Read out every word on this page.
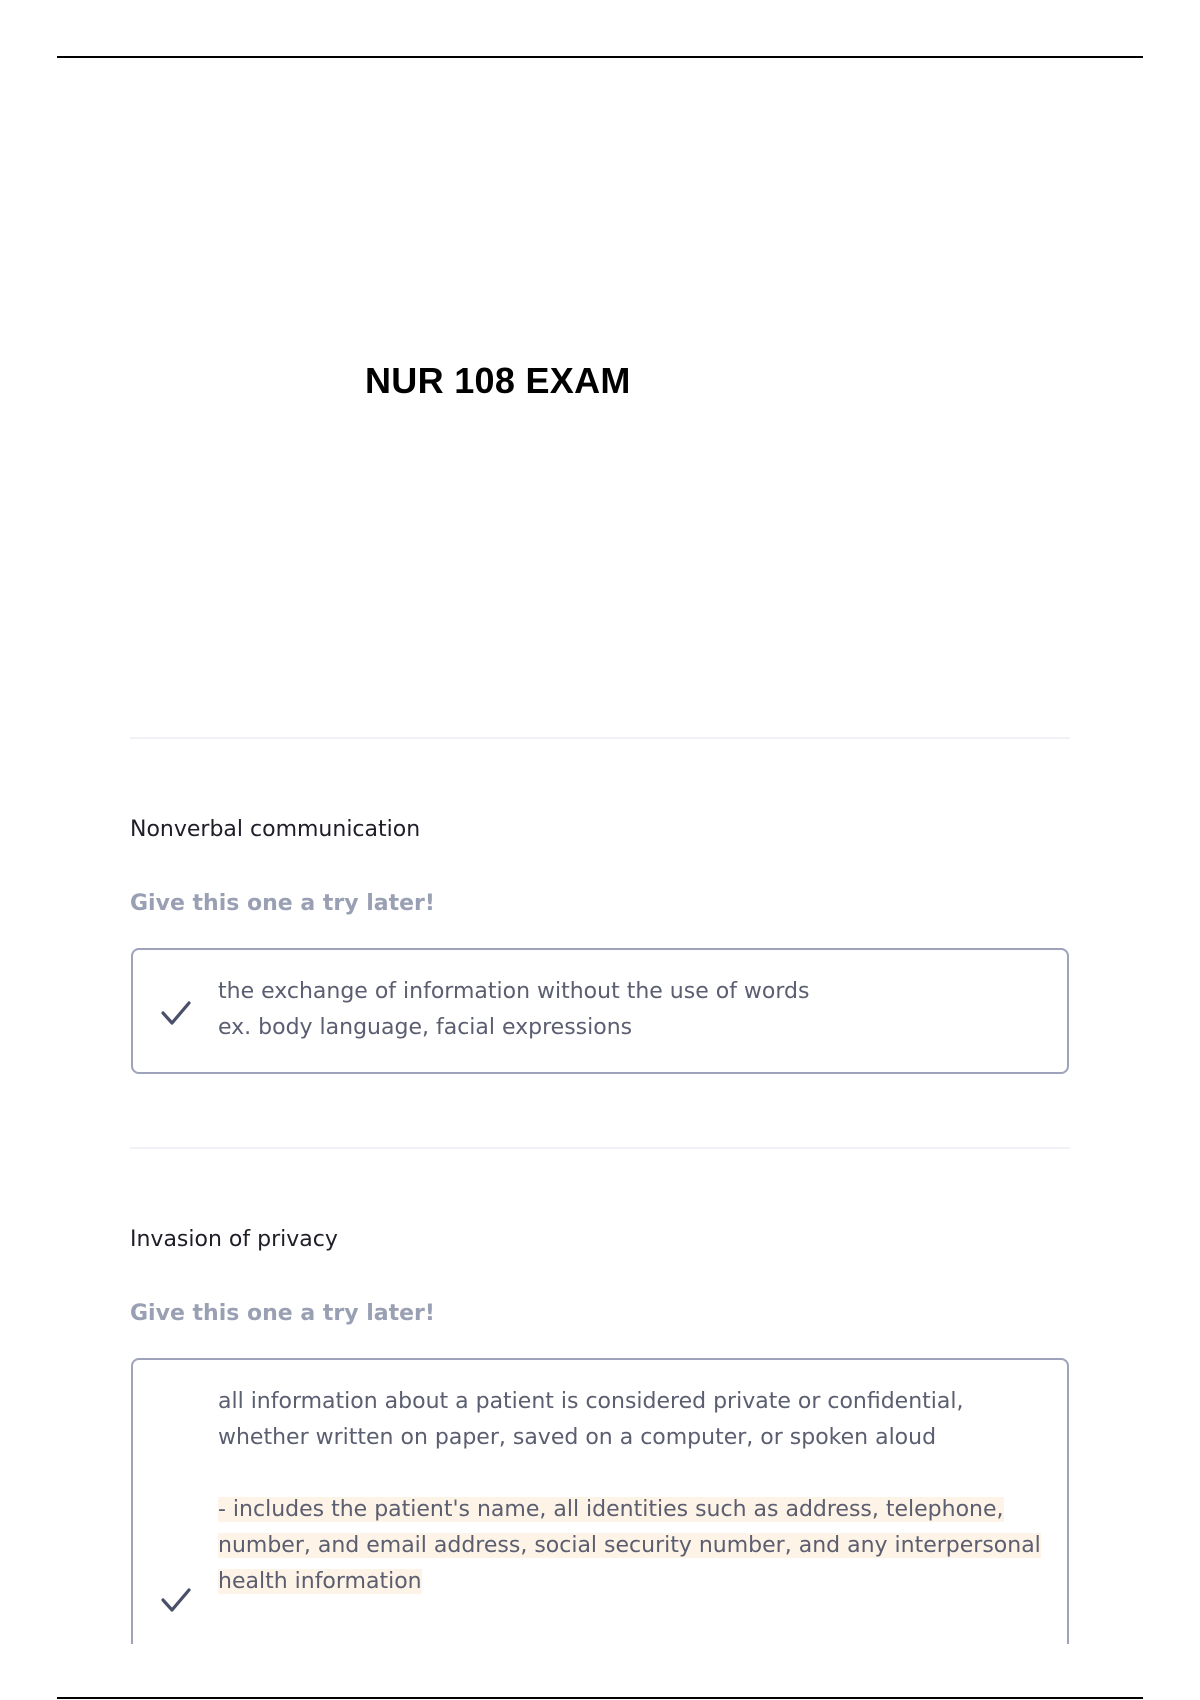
NUR 108 EXAM
Nonverbal communication
Give this one a try later!
the exchange of information without the use of words
ex. body language, facial expressions
Invasion of privacy
Give this one a try later!
all information about a patient is considered private or confidential,
whether written on paper, saved on a computer, or spoken aloud
- includes the patient's name, all identities such as address, telephone,
number, and email address, social security number, and any interpersonal
health information
